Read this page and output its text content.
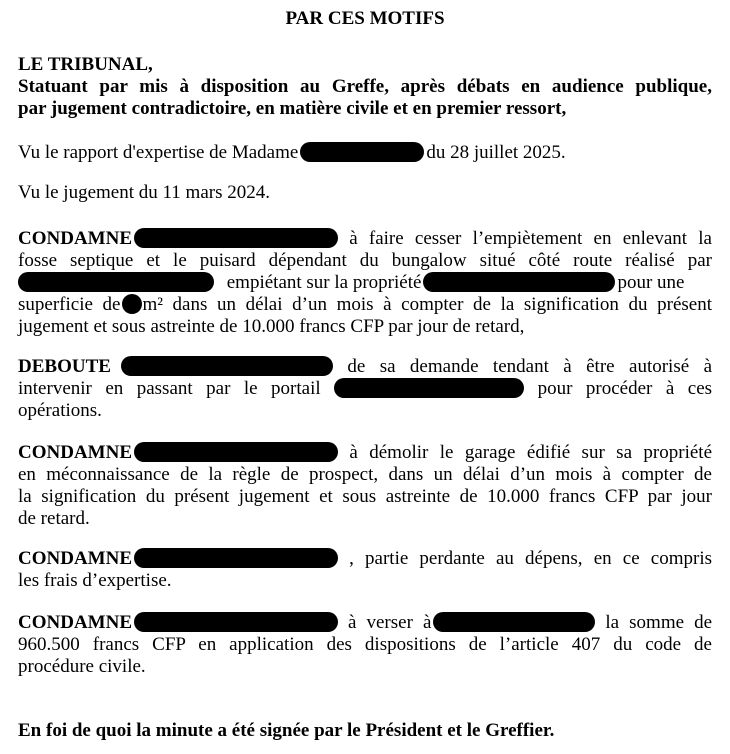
PAR CES MOTIFS
LE TRIBUNAL,
Statuant par mis à disposition au Greffe, après débats en audience publique,
par jugement contradictoire, en matière civile et en premier ressort,
Vu le rapport d'expertise de Madame	du 28 juillet 2025.
Vu le jugement du 11 mars 2024.
CONDAMNE	à faire cesser l’empiètement en enlevant la
fosse septique et le puisard dépendant du bungalow situé côté route réalisé par
empiétant sur la propriété	pour une
superficie de m² dans un délai d’un mois à compter de la signification du présent
jugement et sous astreinte de 10.000 francs CFP par jour de retard,
DEBOUTE	de sa demande tendant à être autorisé à
intervenir en passant par le portail	pour procéder à ces
opérations.
CONDAMNE	à démolir le garage édifié sur sa propriété
en méconnaissance de la règle de prospect, dans un délai d’un mois à compter de
la signification du présent jugement et sous astreinte de 10.000 francs CFP par jour
de retard.
CONDAMNE	, partie perdante au dépens, en ce compris
les frais d’expertise.
CONDAMNE	à verser à	la somme de
960.500 francs CFP en application des dispositions de l’article 407 du code de
procédure civile.
En foi de quoi la minute a été signée par le Président et le Greffier.
